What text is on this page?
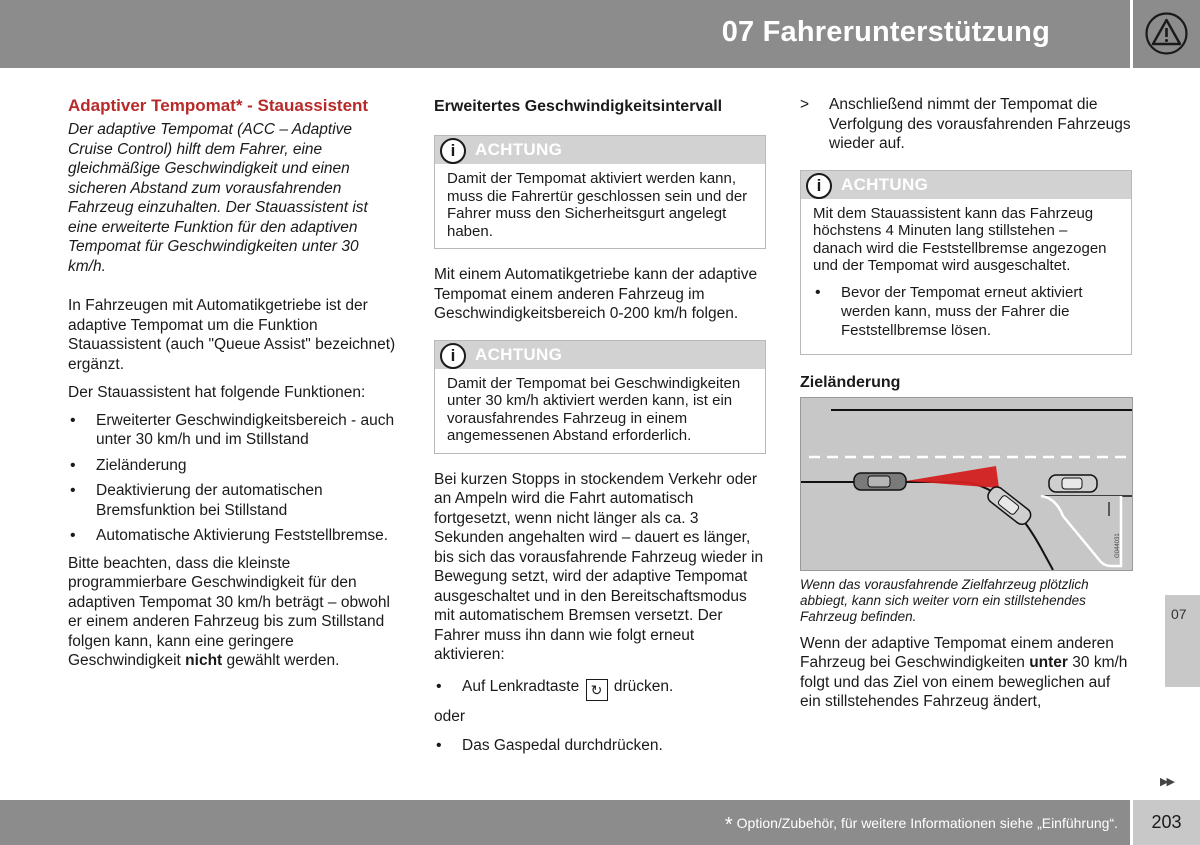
07 Fahrerunterstützung
Adaptiver Tempomat* - Stauassistent

Der adaptive Tempomat (ACC – Adaptive Cruise Control) hilft dem Fahrer, eine gleichmäßige Geschwindigkeit und einen sicheren Abstand zum vorausfahrenden Fahrzeug einzuhalten. Der Stauassistent ist eine erweiterte Funktion für den adaptiven Tempomat für Geschwindigkeiten unter 30 km/h.

In Fahrzeugen mit Automatikgetriebe ist der adaptive Tempomat um die Funktion Stauassistent (auch "Queue Assist" bezeichnet) ergänzt.

Der Stauassistent hat folgende Funktionen:

• Erweiterter Geschwindigkeitsbereich - auch unter 30 km/h und im Stillstand
• Zieländerung
• Deaktivierung der automatischen Bremsfunktion bei Stillstand
• Automatische Aktivierung Feststellbremse.

Bitte beachten, dass die kleinste programmierbare Geschwindigkeit für den adaptiven Tempomat 30 km/h beträgt – obwohl er einem anderen Fahrzeug bis zum Stillstand folgen kann, kann eine geringere Geschwindigkeit nicht gewählt werden.

Erweitertes Geschwindigkeitsintervall
i	ACHTUNG
Damit der Tempomat aktiviert werden kann, muss die Fahrertür geschlossen sein und der Fahrer muss den Sicherheitsgurt angelegt haben.

Mit einem Automatikgetriebe kann der adaptive Tempomat einem anderen Fahrzeug im Geschwindigkeitsbereich 0-200 km/h folgen.

i	ACHTUNG
Damit der Tempomat bei Geschwindigkeiten unter 30 km/h aktiviert werden kann, ist ein vorausfahrendes Fahrzeug in einem angemessenen Abstand erforderlich.

Bei kurzen Stopps in stockendem Verkehr oder an Ampeln wird die Fahrt automatisch fortgesetzt, wenn nicht länger als ca. 3 Sekunden angehalten wird – dauert es länger, bis sich das vorausfahrende Fahrzeug wieder in Bewegung setzt, wird der adaptive Tempomat ausgeschaltet und in den Bereitschaftsmodus mit automatischem Bremsen versetzt. Der Fahrer muss ihn dann wie folgt erneut aktivieren:

• Auf Lenkradtaste ↻ drücken.

oder

• Das Gaspedal durchdrücken.

> Anschließend nimmt der Tempomat die Verfolgung des vorausfahrenden Fahrzeugs wieder auf.

i	ACHTUNG
Mit dem Stauassistent kann das Fahrzeug höchstens 4 Minuten lang stillstehen – danach wird die Feststellbremse angezogen und der Tempomat wird ausgeschaltet.
• Bevor der Tempomat erneut aktiviert werden kann, muss der Fahrer die Feststellbremse lösen.
Zieländerung
G044031

Wenn das vorausfahrende Zielfahrzeug plötzlich abbiegt, kann sich weiter vorn ein stillstehendes Fahrzeug befinden.

Wenn der adaptive Tempomat einem anderen Fahrzeug bei Geschwindigkeiten unter 30 km/h folgt und das Ziel von einem beweglichen auf ein stillstehendes Fahrzeug ändert,

07
▶▶
* Option/Zubehör, für weitere Informationen siehe „Einführung“.	203
